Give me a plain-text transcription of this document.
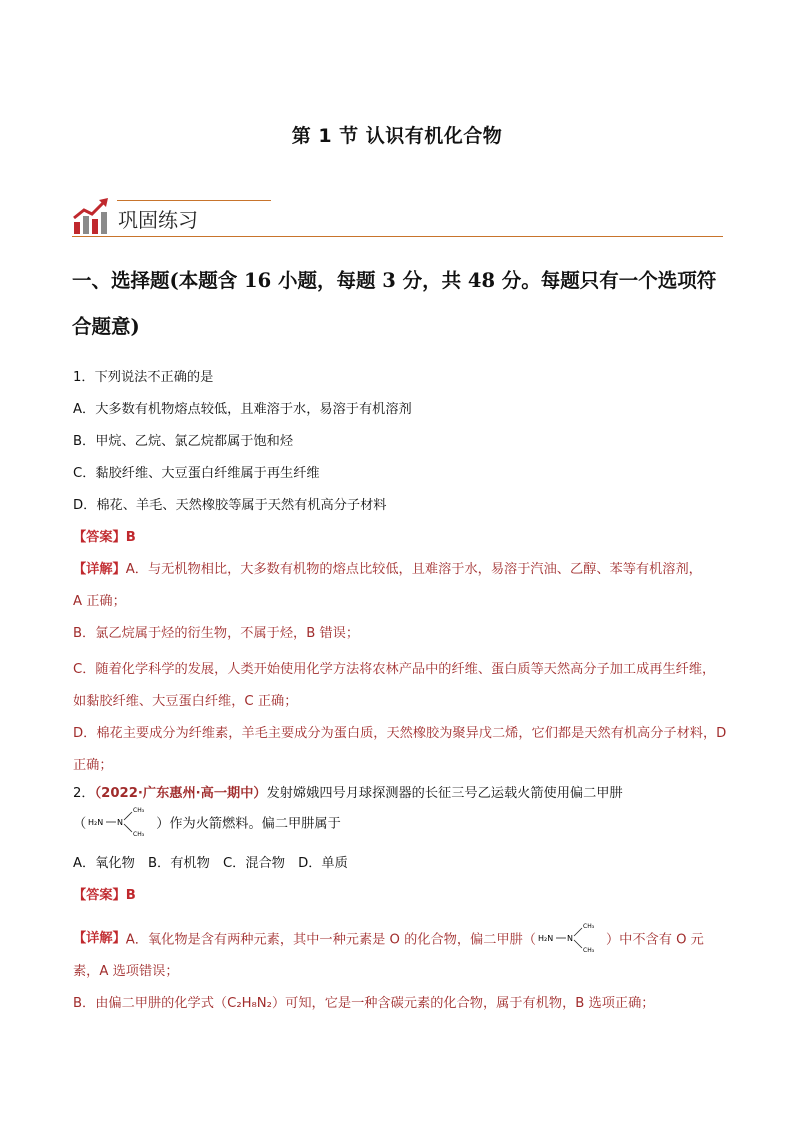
第 1 节 认识有机化合物
巩固练习
一、选择题(本题含 16 小题，每题 3 分，共 48 分。每题只有一个选项符合题意)
1．下列说法不正确的是
A．大多数有机物熔点较低，且难溶于水，易溶于有机溶剂
B．甲烷、乙烷、氯乙烷都属于饱和烃
C．黏胶纤维、大豆蛋白纤维属于再生纤维
D．棉花、羊毛、天然橡胶等属于天然有机高分子材料
【答案】B
【详解】A．与无机物相比，大多数有机物的熔点比较低，且难溶于水，易溶于汽油、乙醇、苯等有机溶剂，
A 正确；
B．氯乙烷属于烃的衍生物，不属于烃，B 错误；
C．随着化学科学的发展，人类开始使用化学方法将农林产品中的纤维、蛋白质等天然高分子加工成再生纤维，如黏胶纤维、大豆蛋白纤维，C 正确；
D．棉花主要成分为纤维素，羊毛主要成分为蛋白质，天然橡胶为聚异戊二烯，它们都是天然有机高分子材料，D 正确；
2．（2022·广东惠州·高一期中）发射嫦娥四号月球探测器的长征三号乙运载火箭使用偏二甲肼
（ H₂N N
CH₃
CH₃
）作为火箭燃料。偏二甲肼属于
A．氧化物　B．有机物　C．混合物　D．单质
【答案】B
【详解】A．氧化物是含有两种元素，其中一种元素是 O 的化合物，偏二甲肼（ H₂N N
CH₃
CH₃
）中不含有 O 元
素，A 选项错误；
B．由偏二甲肼的化学式（C₂H₈N₂）可知，它是一种含碳元素的化合物，属于有机物，B 选项正确；
